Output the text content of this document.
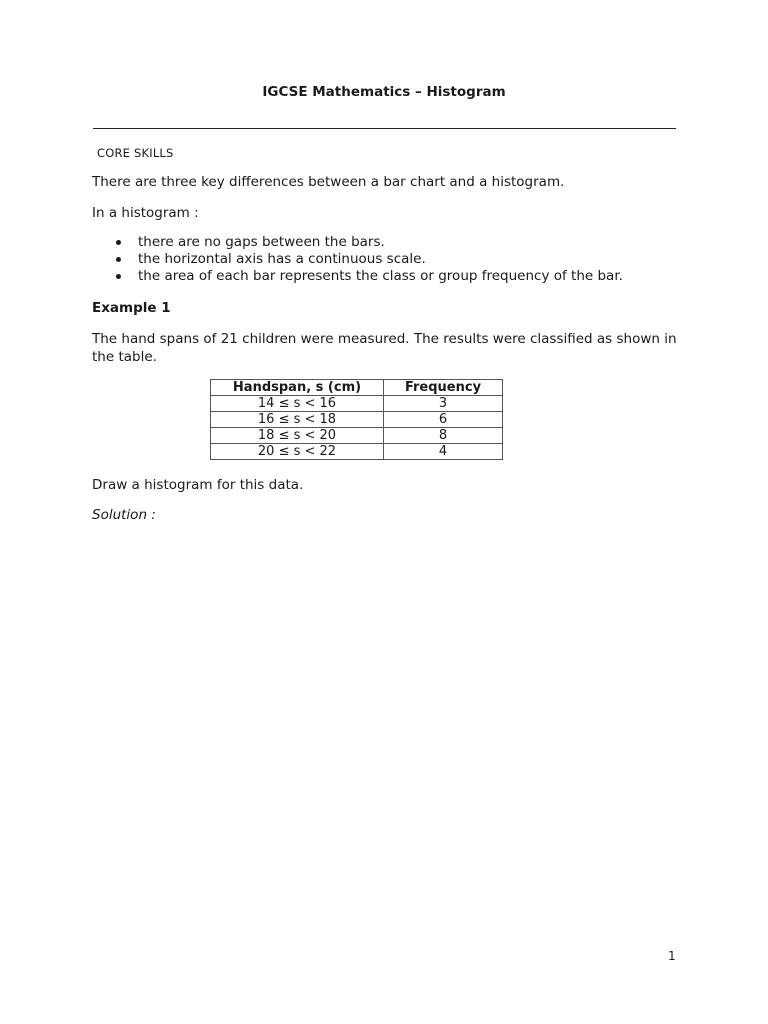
IGCSE Mathematics – Histogram
CORE SKILLS
There are three key differences between a bar chart and a histogram.
In a histogram :
there are no gaps between the bars.
the horizontal axis has a continuous scale.
the area of each bar represents the class or group frequency of the bar.
Example 1
The hand spans of 21 children were measured. The results were classified as shown in the table.
Handspan, s (cm)	Frequency
14 ≤ s < 16	3
16 ≤ s < 18	6
18 ≤ s < 20	8
20 ≤ s < 22	4
Draw a histogram for this data.
Solution :
1
